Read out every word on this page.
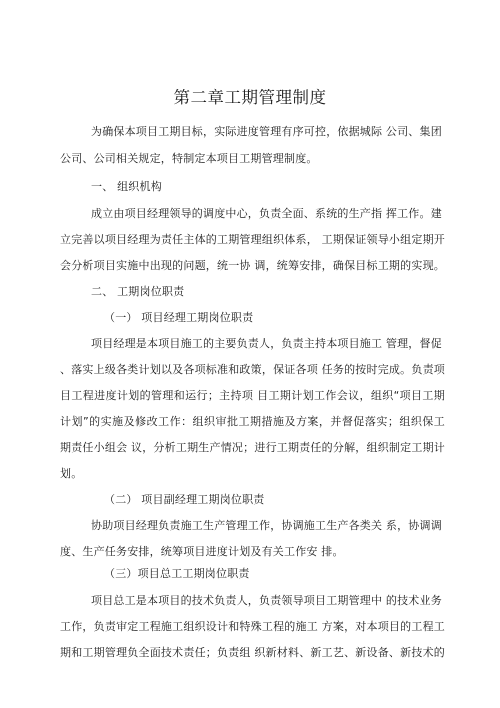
第二章工期管理制度
为确保本项目工期目标，实际进度管理有序可控，依据城际 公司、集团
公司、公司相关规定，特制定本项目工期管理制度。
一、 组织机构
成立由项目经理领导的调度中心，负责全面、系统的生产指 挥工作。建
立完善以项目经理为责任主体的工期管理组织体系， 工期保证领导小组定期开
会分析项目实施中出现的问题，统一协 调，统筹安排，确保目标工期的实现。
二、 工期岗位职责
（一） 项目经理工期岗位职责
项目经理是本项目施工的主要负责人，负责主持本项目施工 管理，督促
、落实上级各类计划以及各项标准和政策，保证各项 任务的按时完成。负责项
目工程进度计划的管理和运行；主持项 目工期计划工作会议，组织“项目工期
计划”的实施及修改工作：组织审批工期措施及方案，并督促落实；组织保工
期责任小组会 议，分析工期生产情况；进行工期责任的分解，组织制定工期计
划。
（二） 项目副经理工期岗位职责
协助项目经理负责施工生产管理工作，协调施工生产各类关 系，协调调
度、生产任务安排，统筹项目进度计划及有关工作安 排。
（三）项目总工工期岗位职责
项目总工是本项目的技术负责人，负责领导项目工期管理中 的技术业务
工作，负责审定工程施工组织设计和特殊工程的施工 方案，对本项目的工程工
期和工期管理负全面技术责任；负责组 织新材料、新工艺、新设备、新技术的
